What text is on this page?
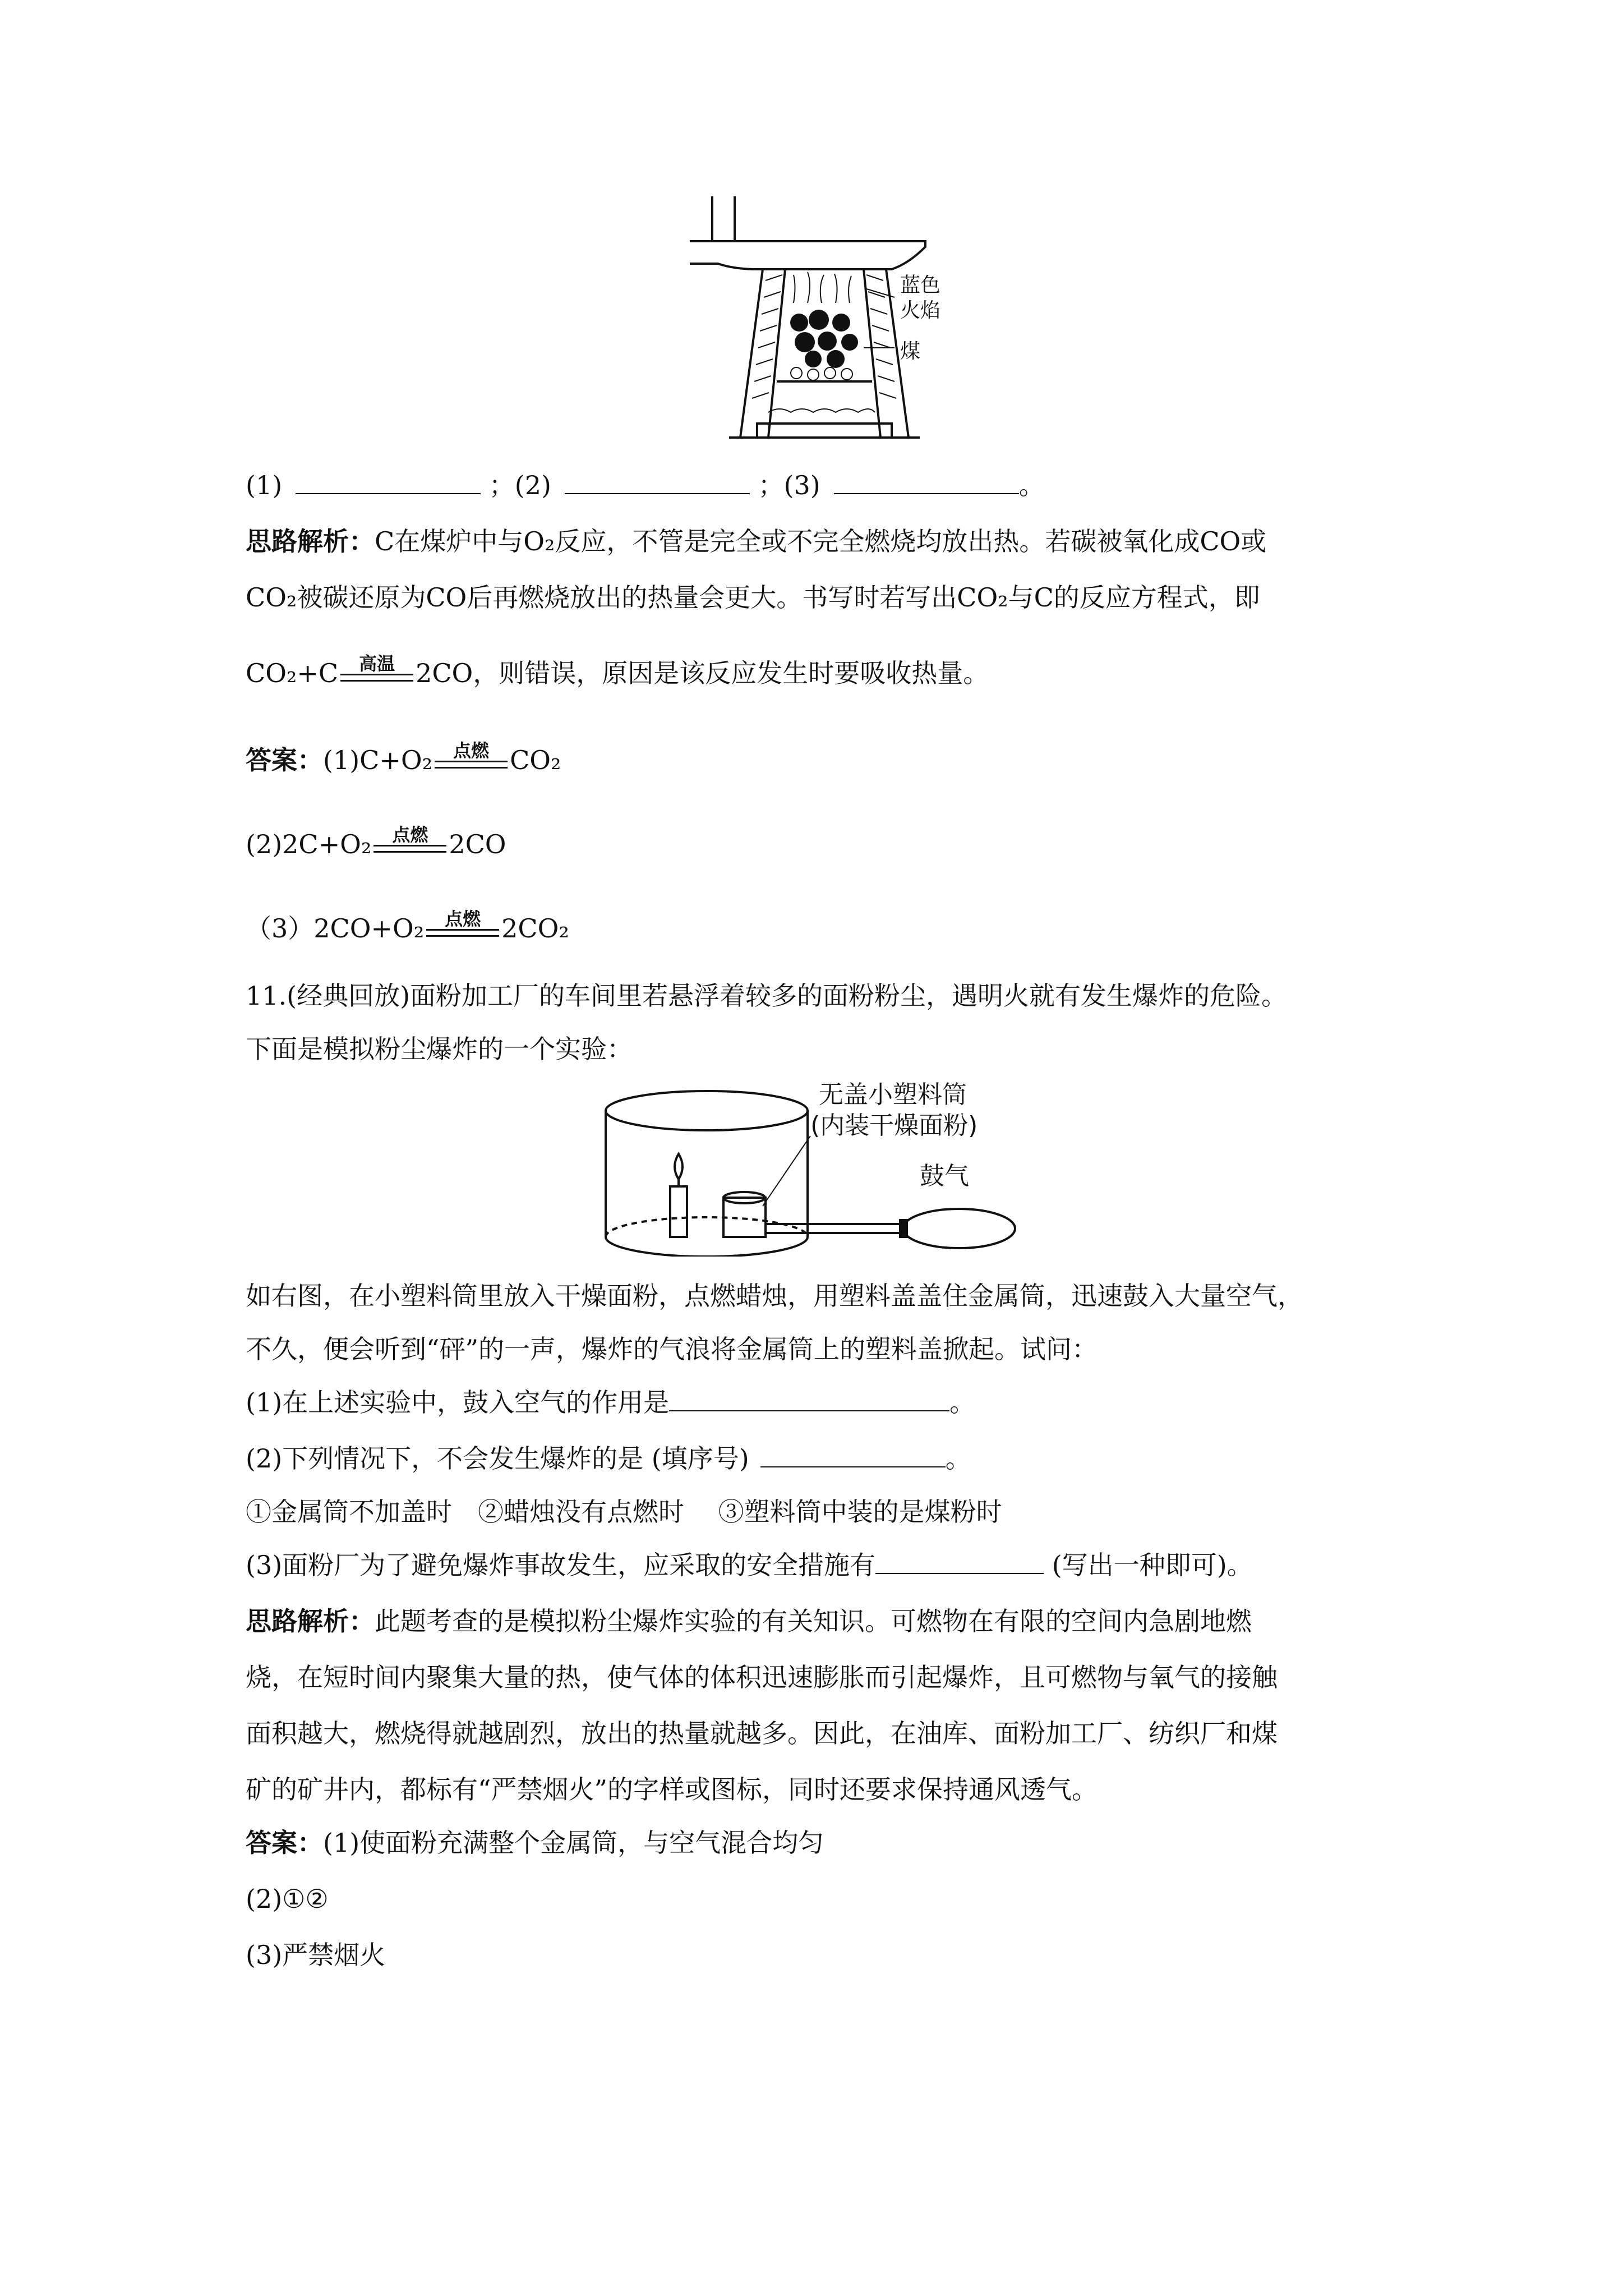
蓝色
火焰
煤
(1)	；(2)	；(3)	。
思路解析：C在煤炉中与O₂反应，不管是完全或不完全燃烧均放出热。若碳被氧化成CO或
CO₂被碳还原为CO后再燃烧放出的热量会更大。书写时若写出CO₂与C的反应方程式，即
CO₂+C 高温 2CO，则错误，原因是该反应发生时要吸收热量。
答案：(1)C+O₂ 点燃 CO₂
(2)2C+O₂ 点燃 2CO
（3）2CO+O₂ 点燃 2CO₂
11.(经典回放)面粉加工厂的车间里若悬浮着较多的面粉粉尘，遇明火就有发生爆炸的危险。
下面是模拟粉尘爆炸的一个实验：
无盖小塑料筒
(内装干燥面粉)
鼓气
如右图，在小塑料筒里放入干燥面粉，点燃蜡烛，用塑料盖盖住金属筒，迅速鼓入大量空气，
不久，便会听到“砰”的一声，爆炸的气浪将金属筒上的塑料盖掀起。试问：
(1)在上述实验中，鼓入空气的作用是	。
(2)下列情况下，不会发生爆炸的是 (填序号)	。
①金属筒不加盖时　②蜡烛没有点燃时　 ③塑料筒中装的是煤粉时
(3)面粉厂为了避免爆炸事故发生，应采取的安全措施有	(写出一种即可)。
思路解析：此题考查的是模拟粉尘爆炸实验的有关知识。可燃物在有限的空间内急剧地燃
烧，在短时间内聚集大量的热，使气体的体积迅速膨胀而引起爆炸，且可燃物与氧气的接触
面积越大，燃烧得就越剧烈，放出的热量就越多。因此，在油库、面粉加工厂、纺织厂和煤
矿的矿井内，都标有“严禁烟火”的字样或图标，同时还要求保持通风透气。
答案：(1)使面粉充满整个金属筒，与空气混合均匀
(2)①②
(3)严禁烟火
